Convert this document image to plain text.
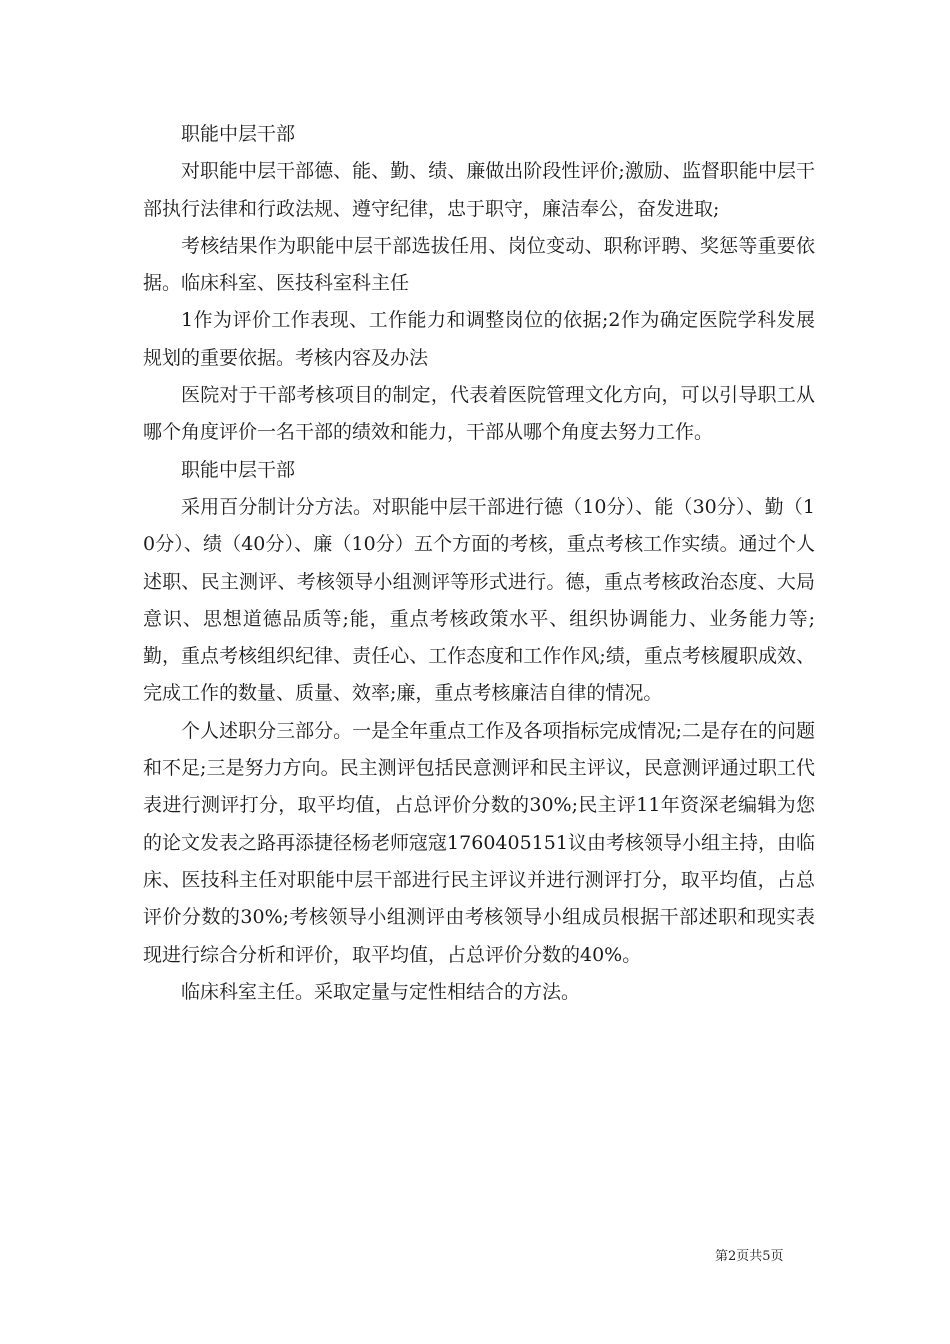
职能中层干部

对职能中层干部德、能、勤、绩、廉做出阶段性评价;激励、监督职能中层干部执行法律和行政法规、遵守纪律，忠于职守，廉洁奉公，奋发进取;

考核结果作为职能中层干部选拔任用、岗位变动、职称评聘、奖惩等重要依据。临床科室、医技科室科主任

1作为评价工作表现、工作能力和调整岗位的依据;2作为确定医院学科发展规划的重要依据。考核内容及办法

医院对于干部考核项目的制定，代表着医院管理文化方向，可以引导职工从哪个角度评价一名干部的绩效和能力，干部从哪个角度去努力工作。

职能中层干部

采用百分制计分方法。对职能中层干部进行德（10分）、能（30分）、勤（10分）、绩（40分）、廉（10分）五个方面的考核，重点考核工作实绩。通过个人述职、民主测评、考核领导小组测评等形式进行。德，重点考核政治态度、大局意识、思想道德品质等;能，重点考核政策水平、组织协调能力、业务能力等;勤，重点考核组织纪律、责任心、工作态度和工作作风;绩，重点考核履职成效、完成工作的数量、质量、效率;廉，重点考核廉洁自律的情况。

个人述职分三部分。一是全年重点工作及各项指标完成情况;二是存在的问题和不足;三是努力方向。民主测评包括民意测评和民主评议，民意测评通过职工代表进行测评打分，取平均值，占总评价分数的30%;民主评11年资深老编辑为您的论文发表之路再添捷径杨老师寇寇1760405151议由考核领导小组主持，由临床、医技科主任对职能中层干部进行民主评议并进行测评打分，取平均值，占总评价分数的30%;考核领导小组测评由考核领导小组成员根据干部述职和现实表现进行综合分析和评价，取平均值，占总评价分数的40%。

临床科室主任。采取定量与定性相结合的方法。

第2页共5页
